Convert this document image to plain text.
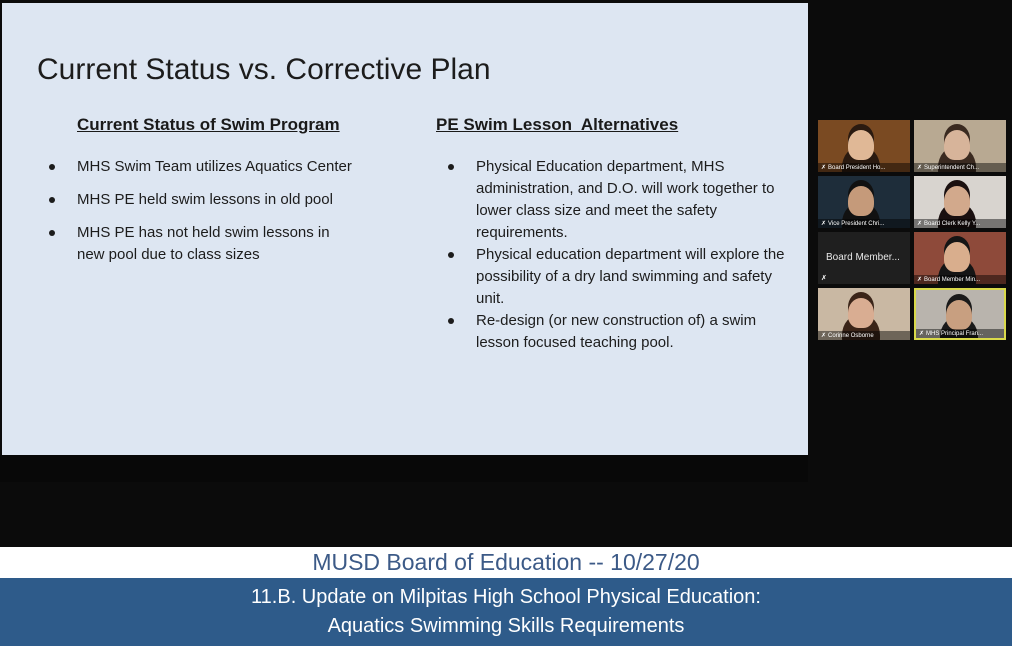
Current Status vs. Corrective Plan
Current Status of Swim Program
MHS Swim Team utilizes Aquatics Center
MHS PE held swim lessons in old pool
MHS PE has not held swim lessons in new pool due to class sizes
PE Swim Lesson  Alternatives
Physical Education department, MHS administration, and D.O. will work together to lower class size and meet the safety requirements.
Physical education department will explore the possibility of a dry land swimming and safety unit.
Re-design (or new construction of) a swim lesson focused teaching pool.
✗ Board President Ho...	✗ Superintendent Ch...
✗ Vice President Chri...	✗ Board Clerk Kelly Y...
Board Member...
✗	✗ Board Member Min...
✗ Corinne Osborne	✗ MHS Principal Fran...
MUSD Board of Education -- 10/27/20
11.B. Update on Milpitas High School Physical Education:
Aquatics Swimming Skills Requirements
